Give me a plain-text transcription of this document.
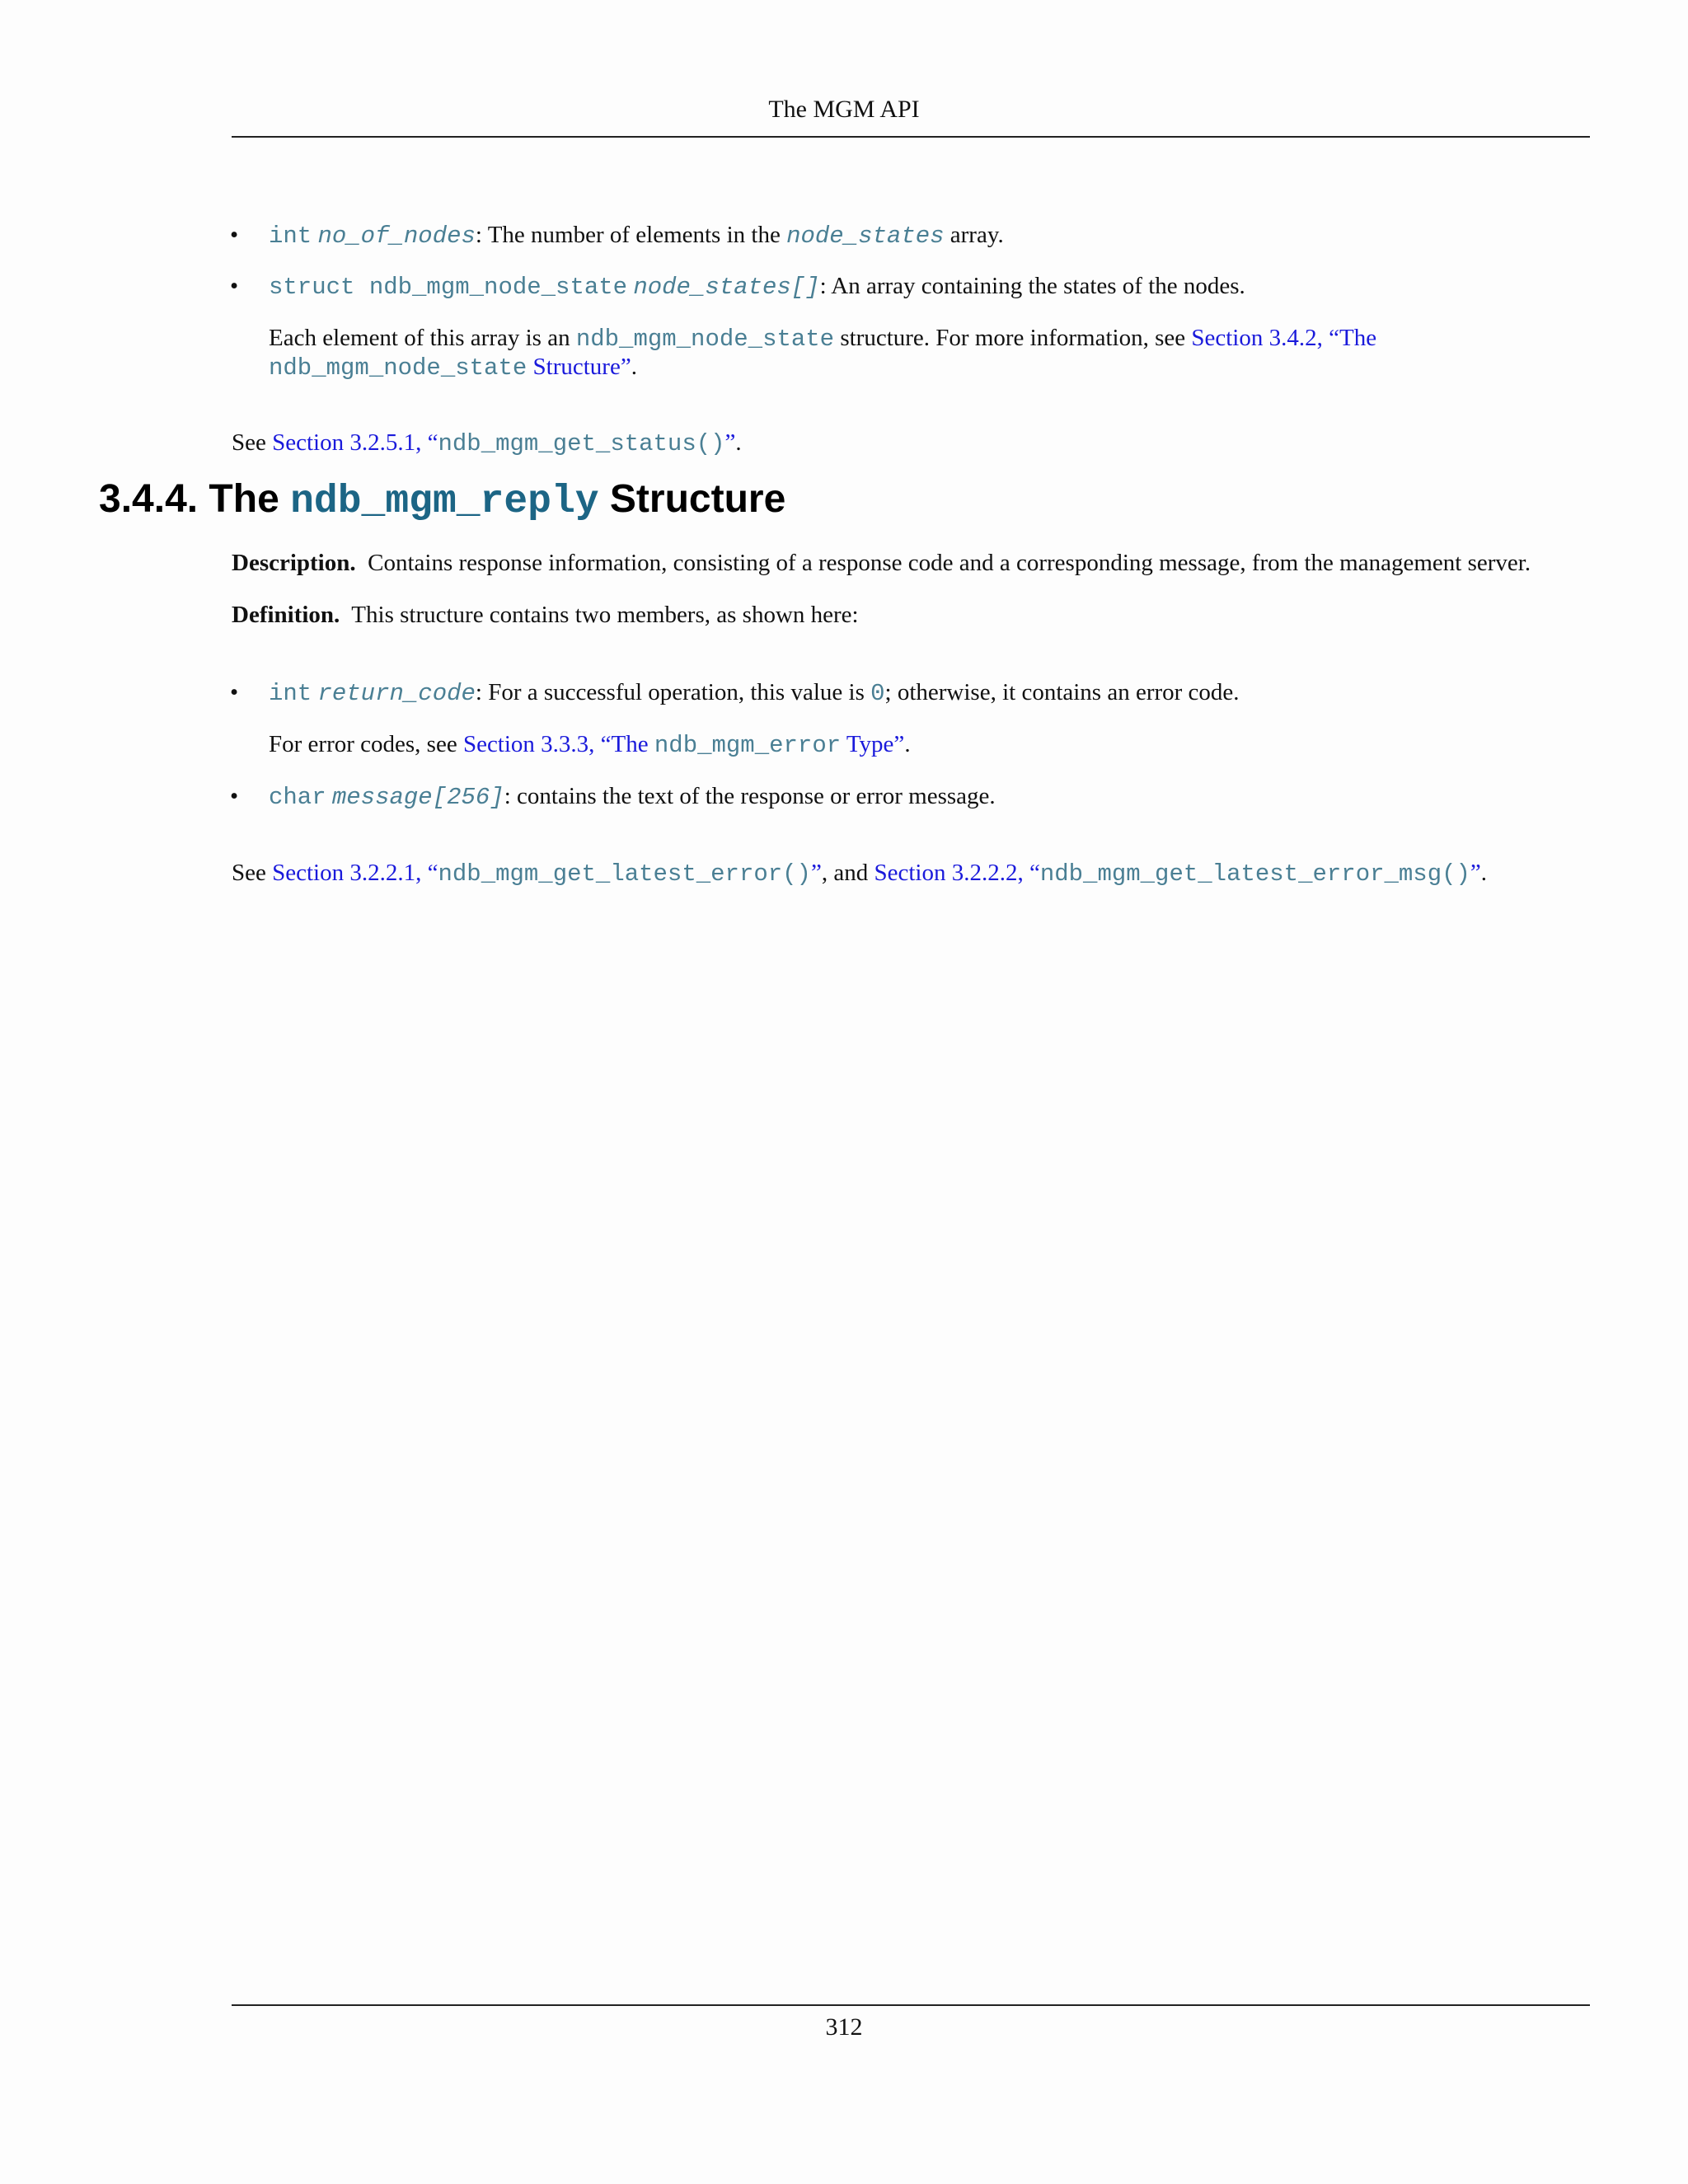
The MGM API
• int no_of_nodes: The number of elements in the node_states array.
• struct ndb_mgm_node_state node_states[]: An array containing the states of the nodes.
Each element of this array is an ndb_mgm_node_state structure. For more information, see Section 3.4.2, “The
ndb_mgm_node_state Structure”.
See Section 3.2.5.1, “ndb_mgm_get_status()”.
3.4.4. The ndb_mgm_reply Structure
Description. Contains response information, consisting of a response code and a corresponding message, from the management server.
Definition. This structure contains two members, as shown here:
• int return_code: For a successful operation, this value is 0; otherwise, it contains an error code.
For error codes, see Section 3.3.3, “The ndb_mgm_error Type”.
• char message[256]: contains the text of the response or error message.
See Section 3.2.2.1, “ndb_mgm_get_latest_error()”, and Section 3.2.2.2, “ndb_mgm_get_latest_error_msg()”.
312
